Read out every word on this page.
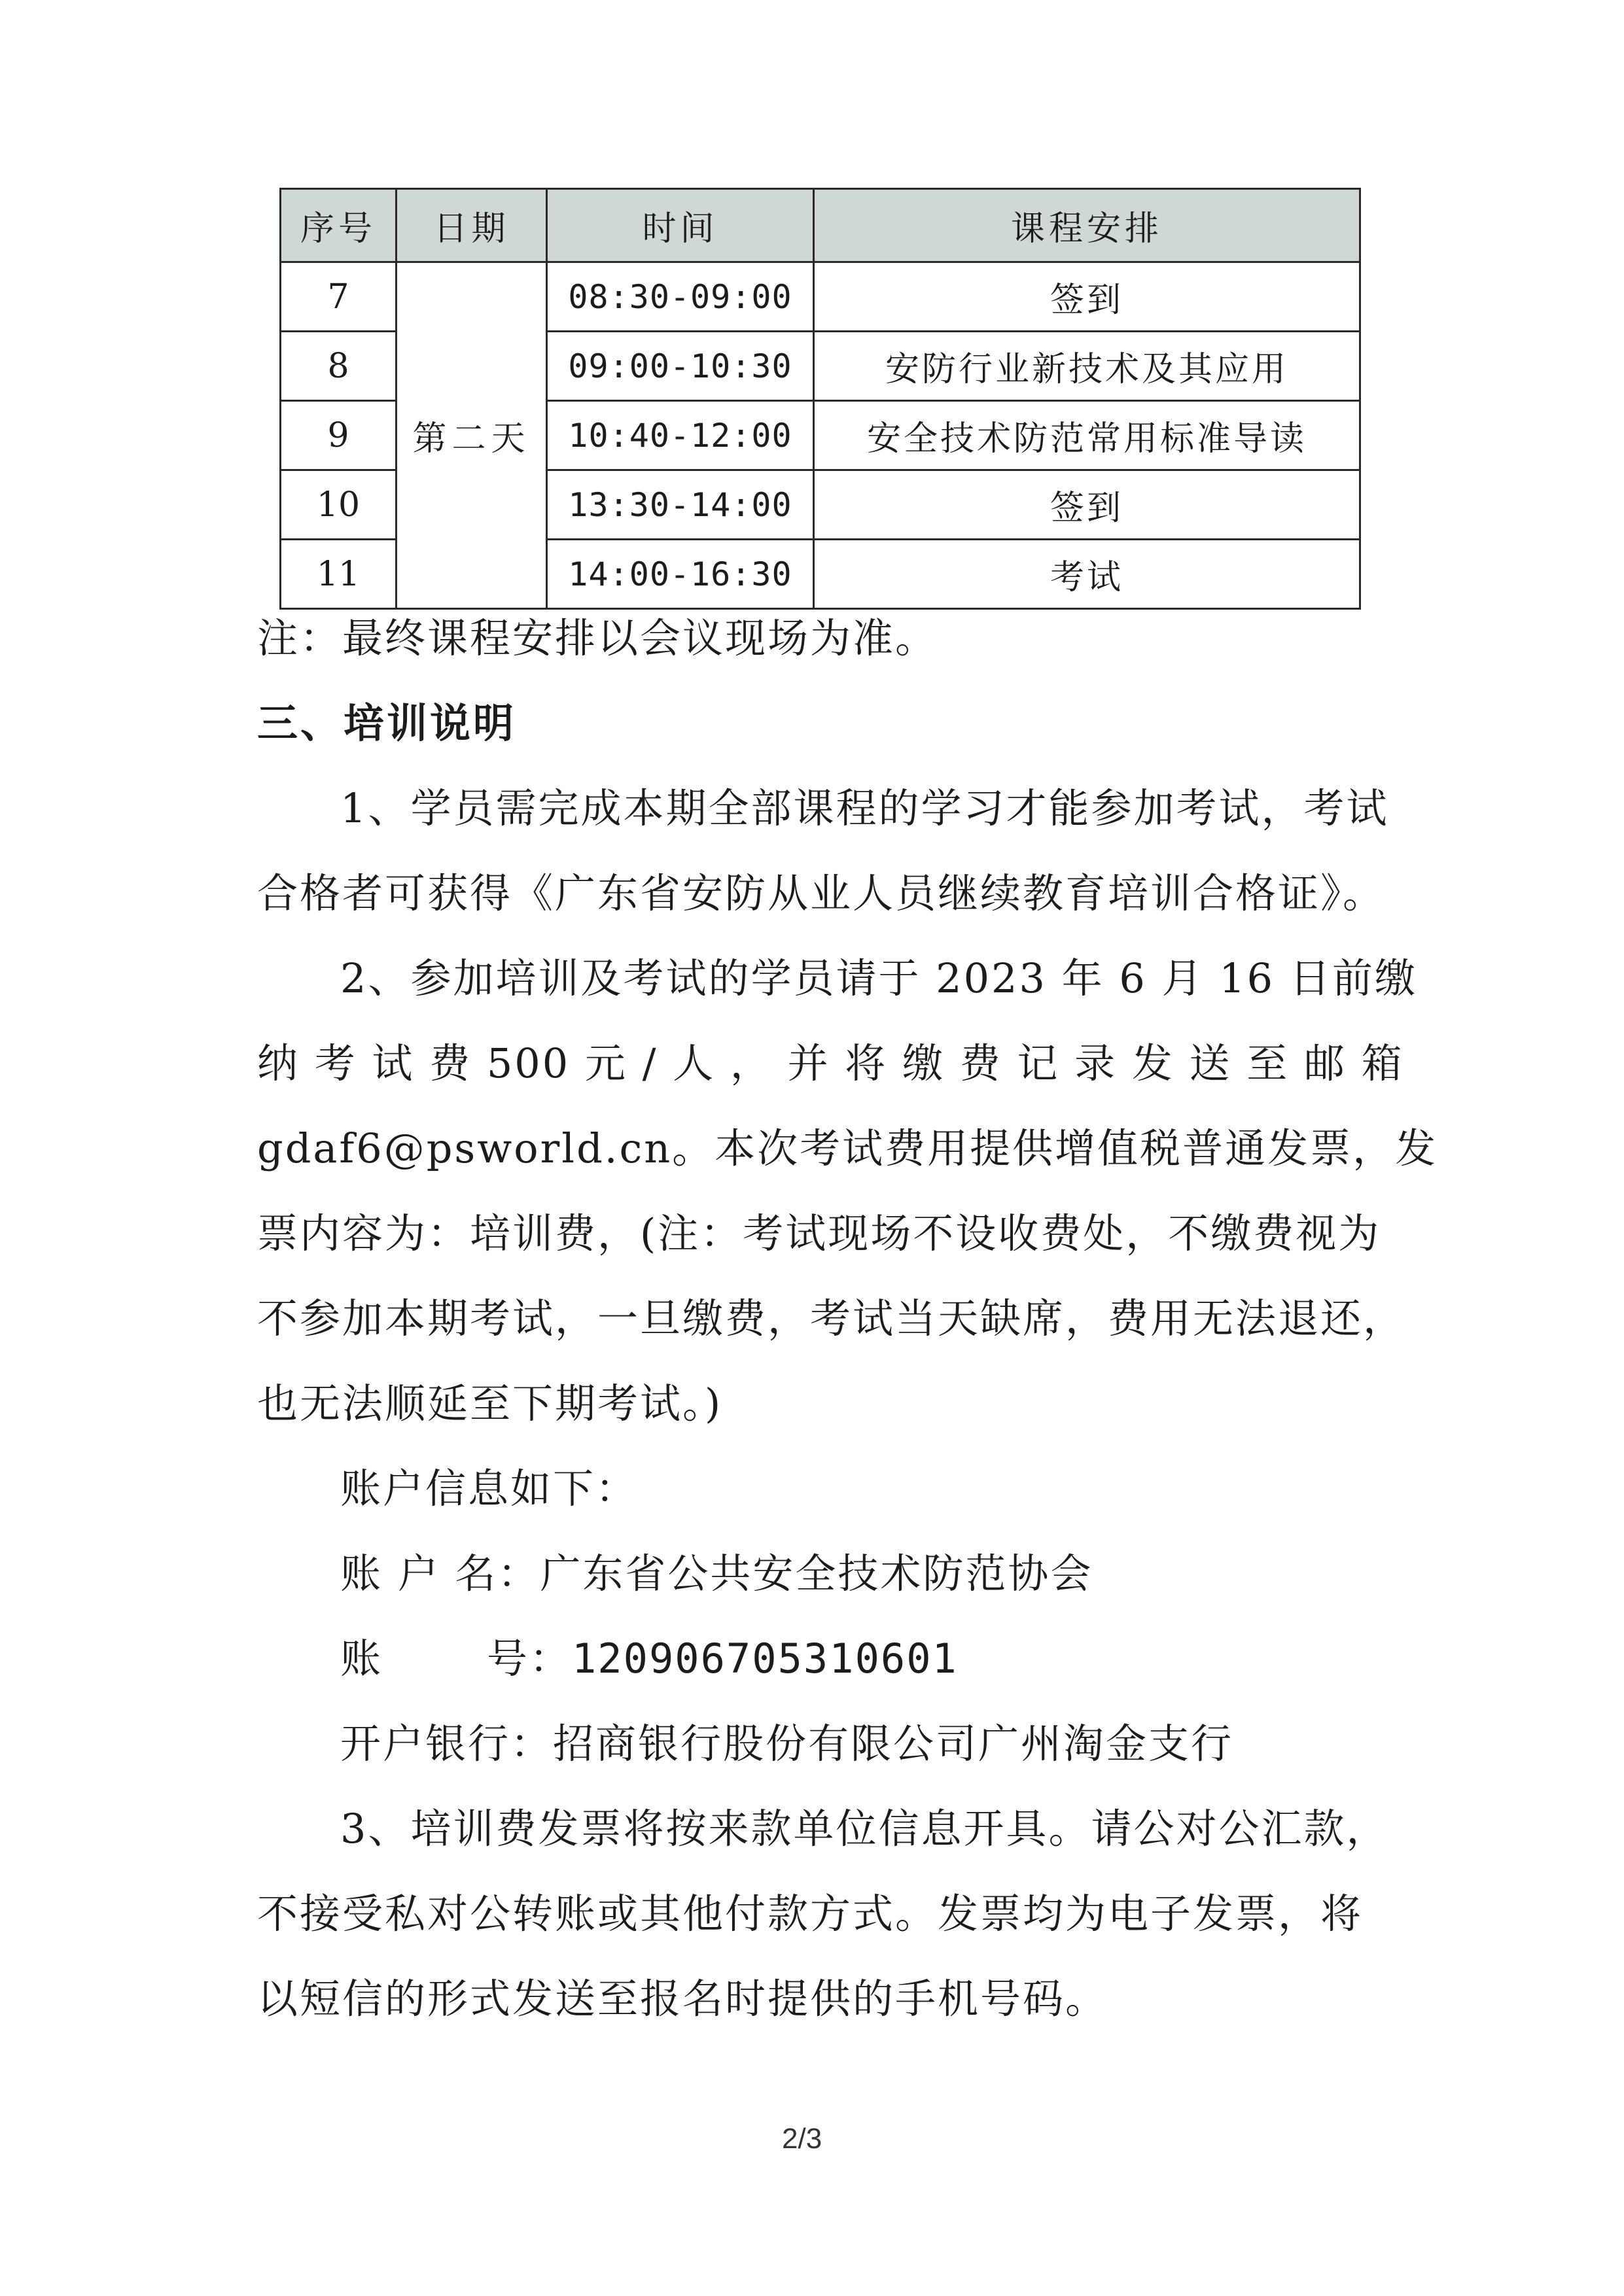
序号	日期	时间	课程安排
7	第二天	08:30-09:00	签到
8		09:00-10:30	安防行业新技术及其应用
9		10:40-12:00	安全技术防范常用标准导读
10		13:30-14:00	签到
11		14:00-16:30	考试
注：最终课程安排以会议现场为准。
三、培训说明
1、学员需完成本期全部课程的学习才能参加考试，考试
合格者可获得《广东省安防从业人员继续教育培训合格证》。
2、参加培训及考试的学员请于 2023 年 6 月 16 日前缴
纳 考 试 费 500 元 / 人 ， 并 将 缴 费 记 录 发 送 至 邮 箱
gdaf6@psworld.cn。本次考试费用提供增值税普通发票，发
票内容为：培训费，(注：考试现场不设收费处，不缴费视为
不参加本期考试，一旦缴费，考试当天缺席，费用无法退还，
也无法顺延至下期考试。)
账户信息如下：
账 户 名：广东省公共安全技术防范协会
账       号：120906705310601
开户银行：招商银行股份有限公司广州淘金支行
3、培训费发票将按来款单位信息开具。请公对公汇款，
不接受私对公转账或其他付款方式。发票均为电子发票，将
以短信的形式发送至报名时提供的手机号码。
2/3
